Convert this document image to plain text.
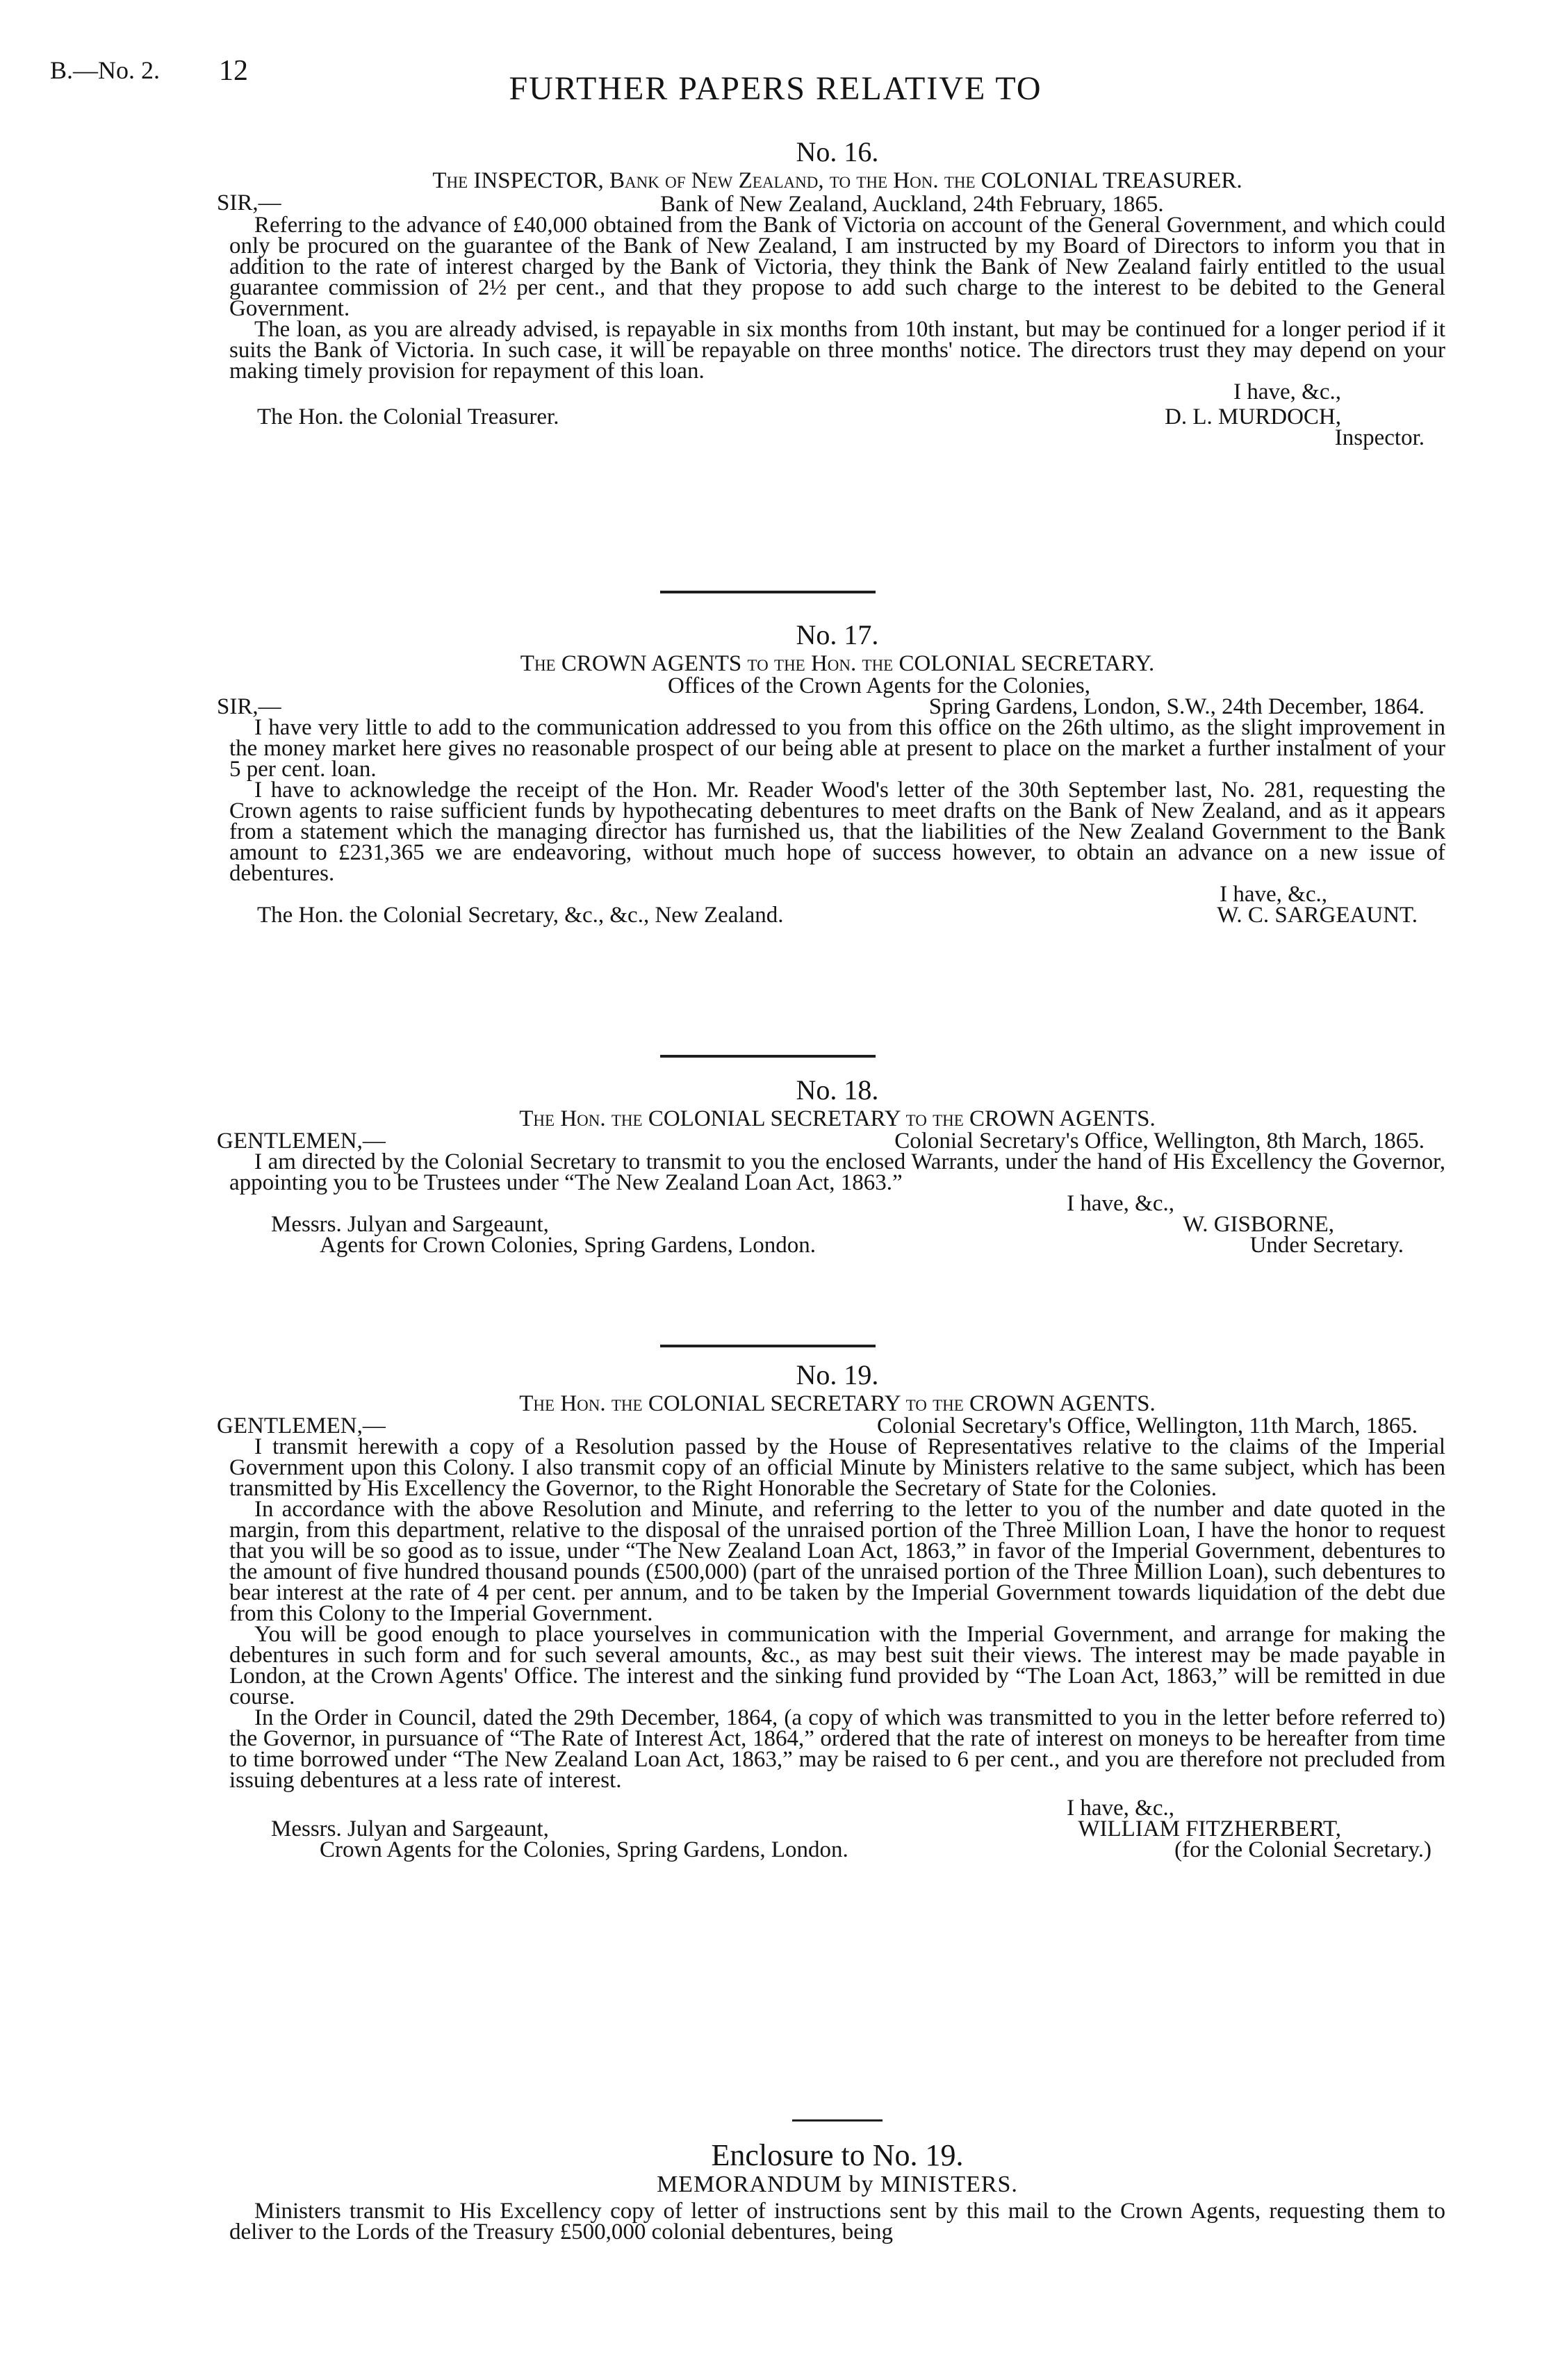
B.—No. 2. 12	FURTHER PAPERS RELATIVE TO
No. 16.
The INSPECTOR, Bank of New Zealand, to the Hon. the COLONIAL TREASURER.
SIR,—	Bank of New Zealand, Auckland, 24th February, 1865.

Referring to the advance of £40,000 obtained from the Bank of Victoria on account of the General Government, and which could only be procured on the guarantee of the Bank of New Zealand, I am instructed by my Board of Directors to inform you that in addition to the rate of interest charged by the Bank of Victoria, they think the Bank of New Zealand fairly entitled to the usual guarantee commission of 2½ per cent., and that they propose to add such charge to the interest to be debited to the General Government.

The loan, as you are already advised, is repayable in six months from 10th instant, but may be continued for a longer period if it suits the Bank of Victoria. In such case, it will be repayable on three months' notice. The directors trust they may depend on your making timely provision for repayment of this loan.

I have, &c.,
The Hon. the Colonial Treasurer.	D. L. MURDOCH,
Inspector.
No. 17.
The CROWN AGENTS to the Hon. the COLONIAL SECRETARY.
Offices of the Crown Agents for the Colonies,
SIR,—	Spring Gardens, London, S.W., 24th December, 1864.

I have very little to add to the communication addressed to you from this office on the 26th ultimo, as the slight improvement in the money market here gives no reasonable prospect of our being able at present to place on the market a further instalment of your 5 per cent. loan.

I have to acknowledge the receipt of the Hon. Mr. Reader Wood's letter of the 30th September last, No. 281, requesting the Crown agents to raise sufficient funds by hypothecating debentures to meet drafts on the Bank of New Zealand, and as it appears from a statement which the managing director has furnished us, that the liabilities of the New Zealand Government to the Bank amount to £231,365 we are endeavoring, without much hope of success however, to obtain an advance on a new issue of debentures.

I have, &c.,
The Hon. the Colonial Secretary, &c., &c., New Zealand.	W. C. SARGEAUNT.
No. 18.
The Hon. the COLONIAL SECRETARY to the CROWN AGENTS.
GENTLEMEN,—	Colonial Secretary's Office, Wellington, 8th March, 1865.

I am directed by the Colonial Secretary to transmit to you the enclosed Warrants, under the hand of His Excellency the Governor, appointing you to be Trustees under “The New Zealand Loan Act, 1863.”

I have, &c.,
Messrs. Julyan and Sargeaunt,	W. GISBORNE,
Agents for Crown Colonies, Spring Gardens, London.	Under Secretary.
No. 19.
The Hon. the COLONIAL SECRETARY to the CROWN AGENTS.
GENTLEMEN,—	Colonial Secretary's Office, Wellington, 11th March, 1865.

I transmit herewith a copy of a Resolution passed by the House of Representatives relative to the claims of the Imperial Government upon this Colony. I also transmit copy of an official Minute by Ministers relative to the same subject, which has been transmitted by His Excellency the Governor, to the Right Honorable the Secretary of State for the Colonies.

In accordance with the above Resolution and Minute, and referring to the letter to you of the number and date quoted in the margin, from this department, relative to the disposal of the unraised portion of the Three Million Loan, I have the honor to request that you will be so good as to issue, under “The New Zealand Loan Act, 1863,” in favor of the Imperial Government, debentures to the amount of five hundred thousand pounds (£500,000) (part of the unraised portion of the Three Million Loan), such debentures to bear interest at the rate of 4 per cent. per annum, and to be taken by the Imperial Government towards liquidation of the debt due from this Colony to the Imperial Government.

You will be good enough to place yourselves in communication with the Imperial Government, and arrange for making the debentures in such form and for such several amounts, &c., as may best suit their views. The interest may be made payable in London, at the Crown Agents' Office. The interest and the sinking fund provided by “The Loan Act, 1863,” will be remitted in due course.

In the Order in Council, dated the 29th December, 1864, (a copy of which was transmitted to you in the letter before referred to) the Governor, in pursuance of “The Rate of Interest Act, 1864,” ordered that the rate of interest on moneys to be hereafter from time to time borrowed under “The New Zealand Loan Act, 1863,” may be raised to 6 per cent., and you are therefore not precluded from issuing debentures at a less rate of interest.

I have, &c.,
Messrs. Julyan and Sargeaunt,	WILLIAM FITZHERBERT,
Crown Agents for the Colonies, Spring Gardens, London.	(for the Colonial Secretary.)
Enclosure to No. 19.
MEMORANDUM by MINISTERS.

Ministers transmit to His Excellency copy of letter of instructions sent by this mail to the Crown Agents, requesting them to deliver to the Lords of the Treasury £500,000 colonial debentures, being
